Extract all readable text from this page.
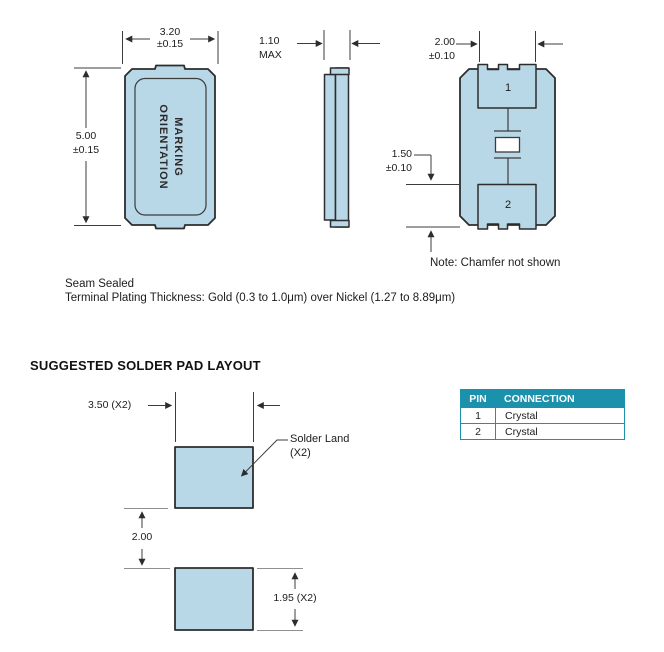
3.20
±0.15
5.00
±0.15	MARKING
ORIENTATION
1.10
MAX
2.00
±0.10
1
2
1.50
±0.10
Note: Chamfer not shown
Seam Sealed
Terminal Plating Thickness: Gold (0.3 to 1.0μm) over Nickel (1.27 to 8.89μm)
SUGGESTED SOLDER PAD LAYOUT
3.50 (X2)
Solder Land
(X2)
2.00
1.95 (X2)
PIN	CONNECTION
1	Crystal
2	Crystal
